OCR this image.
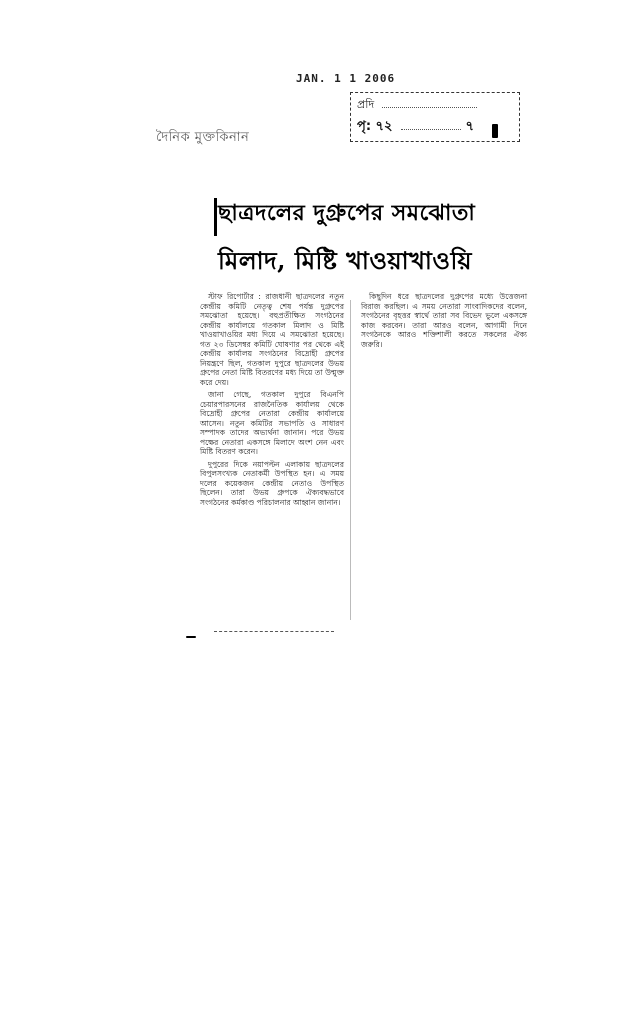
JAN. 1 1 2006
প্রদি
পৃ: ৭২	৭
দৈনিক মুক্তকিনান
ছাত্রদলের দুগ্রুপের সমঝোতা
মিলাদ, মিষ্টি খাওয়াখাওয়ি

স্টাফ রিপোর্টার : রাজধানী ছাত্রদলের নতুন কেন্দ্রীয় কমিটি নেতৃত্ব শেষ পর্যন্ত দুগ্রুপের সমঝোতা হয়েছে। বহুপ্রতীক্ষিত সংগঠনের কেন্দ্রীয় কার্যালয়ে গতকাল মিলাদ ও মিষ্টি খাওয়াখাওয়ির মধ্য দিয়ে এ সমঝোতা হয়েছে। গত ২৩ ডিসেম্বর কমিটি ঘোষণার পর থেকে এই কেন্দ্রীয় কার্যালয় সংগঠনের বিদ্রোহী গ্রুপের নিয়ন্ত্রণে ছিল, গতকাল দুপুরে ছাত্রদলের উভয় গ্রুপের নেতা মিষ্টি বিতরণের মধ্য দিয়ে তা উন্মুক্ত করে দেয়।

জানা গেছে, গতকাল দুপুরে বিএনপি চেয়ারপারসনের রাজনৈতিক কার্যালয় থেকে বিদ্রোহী গ্রুপের নেতারা কেন্দ্রীয় কার্যালয়ে আসেন। নতুন কমিটির সভাপতি ও সাধারণ সম্পাদক তাদের অভ্যর্থনা জানান। পরে উভয় পক্ষের নেতারা একসঙ্গে মিলাদে অংশ নেন এবং মিষ্টি বিতরণ করেন।

দুপুরের দিকে নয়াপল্টন এলাকায় ছাত্রদলের বিপুলসংখ্যক নেতাকর্মী উপস্থিত হন। এ সময় দলের কয়েকজন কেন্দ্রীয় নেতাও উপস্থিত ছিলেন। তারা উভয় গ্রুপকে ঐক্যবদ্ধভাবে সংগঠনের কর্মকাণ্ড পরিচালনার আহ্বান জানান।

কিছুদিন ধরে ছাত্রদলের দুগ্রুপের মধ্যে উত্তেজনা বিরাজ করছিল। এ সময় নেতারা সাংবাদিকদের বলেন, সংগঠনের বৃহত্তর স্বার্থে তারা সব বিভেদ ভুলে একসঙ্গে কাজ করবেন। তারা আরও বলেন, আগামী দিনে সংগঠনকে আরও শক্তিশালী করতে সকলের ঐক্য জরুরি।
